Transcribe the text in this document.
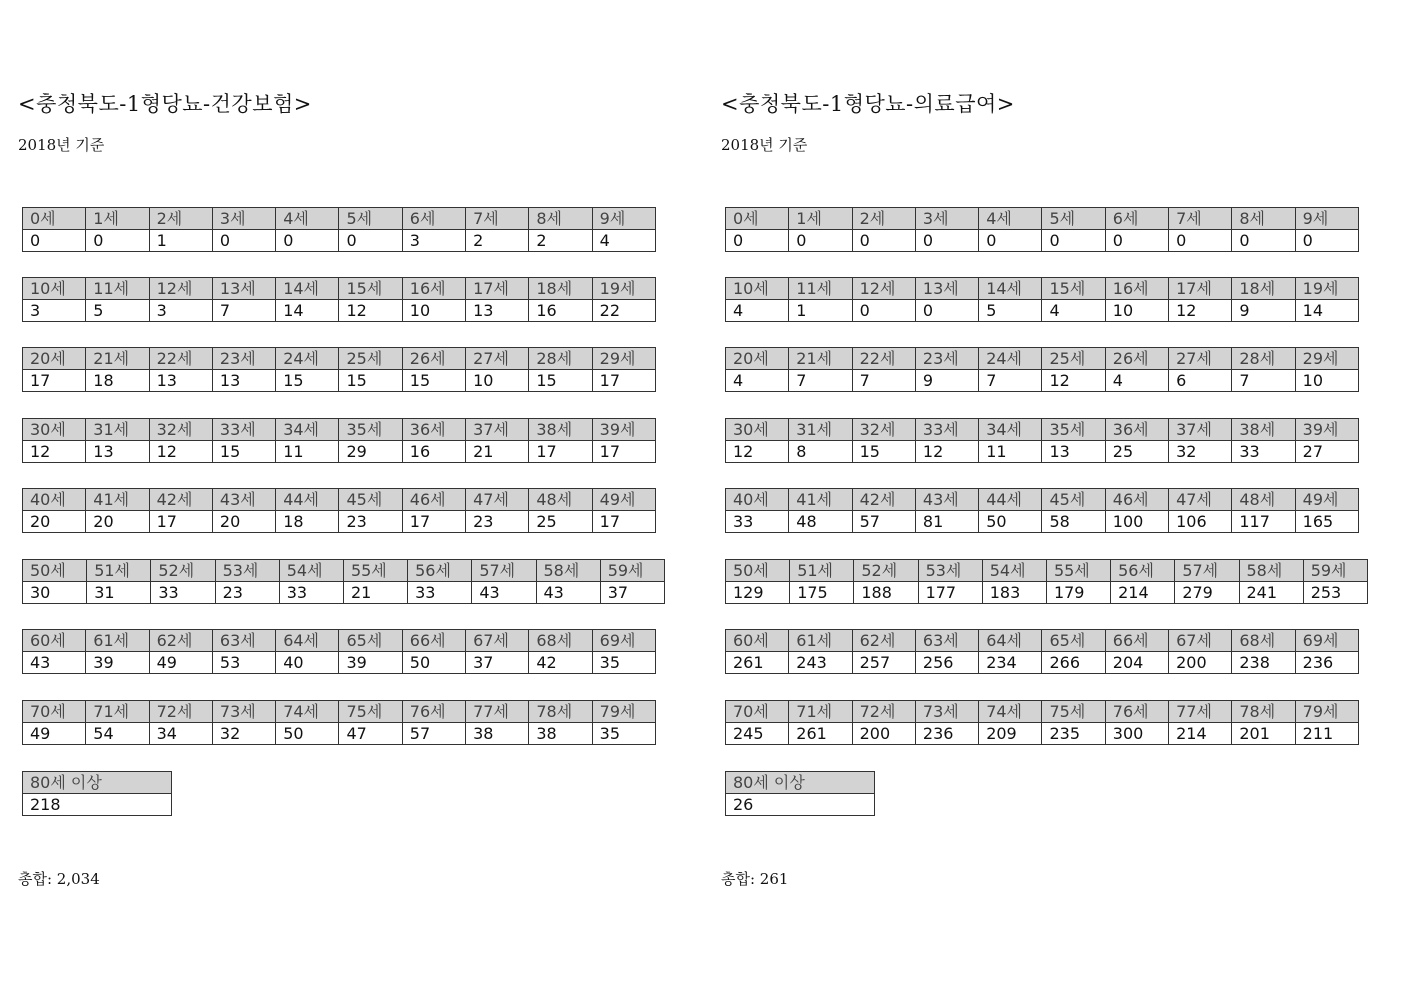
<충청북도-1형당뇨-건강보험>
2018년 기준
0세	1세	2세	3세	4세	5세	6세	7세	8세	9세
0	0	1	0	0	0	3	2	2	4
10세	11세	12세	13세	14세	15세	16세	17세	18세	19세
3	5	3	7	14	12	10	13	16	22
20세	21세	22세	23세	24세	25세	26세	27세	28세	29세
17	18	13	13	15	15	15	10	15	17
30세	31세	32세	33세	34세	35세	36세	37세	38세	39세
12	13	12	15	11	29	16	21	17	17
40세	41세	42세	43세	44세	45세	46세	47세	48세	49세
20	20	17	20	18	23	17	23	25	17
50세	51세	52세	53세	54세	55세	56세	57세	58세	59세
30	31	33	23	33	21	33	43	43	37
60세	61세	62세	63세	64세	65세	66세	67세	68세	69세
43	39	49	53	40	39	50	37	42	35
70세	71세	72세	73세	74세	75세	76세	77세	78세	79세
49	54	34	32	50	47	57	38	38	35
80세 이상
218
총합: 2,034
<충청북도-1형당뇨-의료급여>
2018년 기준
0세	1세	2세	3세	4세	5세	6세	7세	8세	9세
0	0	0	0	0	0	0	0	0	0
10세	11세	12세	13세	14세	15세	16세	17세	18세	19세
4	1	0	0	5	4	10	12	9	14
20세	21세	22세	23세	24세	25세	26세	27세	28세	29세
4	7	7	9	7	12	4	6	7	10
30세	31세	32세	33세	34세	35세	36세	37세	38세	39세
12	8	15	12	11	13	25	32	33	27
40세	41세	42세	43세	44세	45세	46세	47세	48세	49세
33	48	57	81	50	58	100	106	117	165
50세	51세	52세	53세	54세	55세	56세	57세	58세	59세
129	175	188	177	183	179	214	279	241	253
60세	61세	62세	63세	64세	65세	66세	67세	68세	69세
261	243	257	256	234	266	204	200	238	236
70세	71세	72세	73세	74세	75세	76세	77세	78세	79세
245	261	200	236	209	235	300	214	201	211
80세 이상
26
총합: 261
